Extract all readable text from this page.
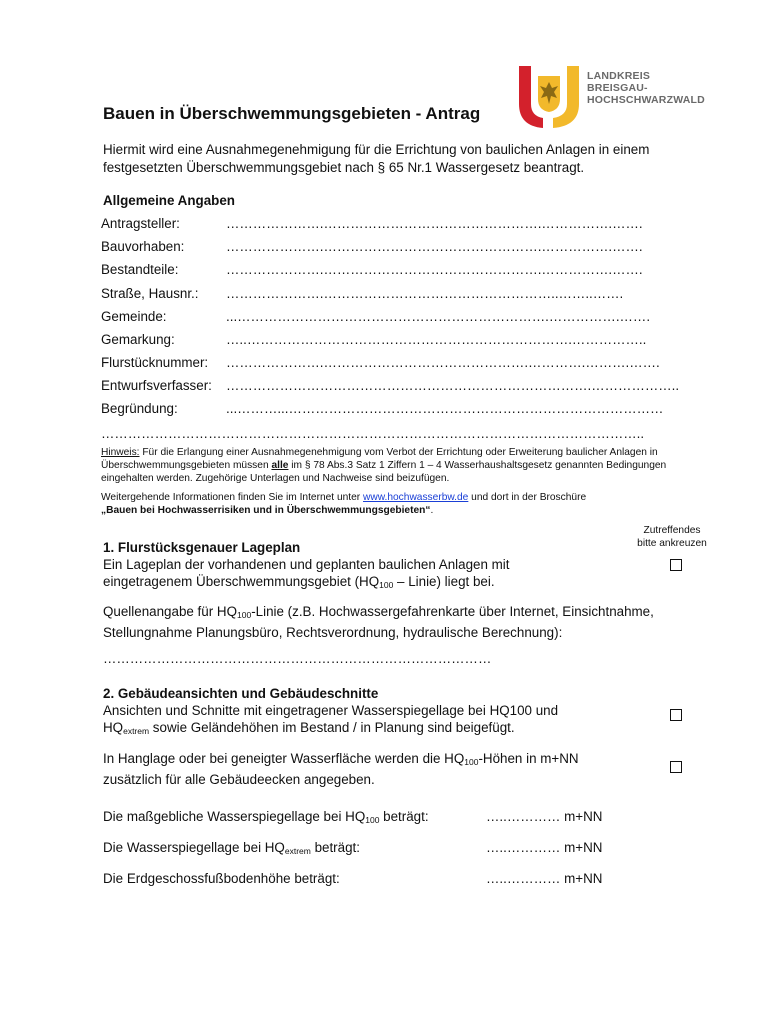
LANDKREIS
BREISGAU-
HOCHSCHWARZWALD
Bauen in Überschwemmungsgebieten - Antrag
Hiermit wird eine Ausnahmegenehmigung für die Errichtung von baulichen Anlagen in einem festgesetzten Überschwemmungsgebiet nach § 65 Nr.1 Wassergesetz beantragt.
Allgemeine Angaben
Antragsteller:	………………….………………………………………….…………….…….
Bauvorhaben:	………………….………………………………………….…………….…….
Bestandteile:	………………….………………………………………….…………….…….
Straße, Hausnr.: ………………….……………………………………………..……..…….
Gemeinde:	...…………………………………………………………….…………….…….
Gemarkung:	…..……………………………………………………………….……………..
Flurstücknummer: ………………….……………………………………….………….……….…….
Entwurfsverfasser: ……………………………………………………………………….………………..
Begründung:	...………...…………………………………………………………………………
…………………………………………………………………………………………………………..
Hinweis: Für die Erlangung einer Ausnahmegenehmigung vom Verbot der Errichtung oder Erweiterung baulicher Anlagen in Überschwemmungsgebieten müssen alle im § 78 Abs.3 Satz 1 Ziffern 1 – 4 Wasserhaushaltsgesetz genannten Bedingungen eingehalten werden. Zugehörige Unterlagen und Nachweise sind beizufügen.
Weitergehende Informationen finden Sie im Internet unter www.hochwasserbw.de und dort in der Broschüre
„Bauen bei Hochwasserrisiken und in Überschwemmungsgebieten“.
Zutreffendes
bitte ankreuzen
1. Flurstücksgenauer Lageplan
Ein Lageplan der vorhandenen und geplanten baulichen Anlagen mit eingetragenem Überschwemmungsgebiet ($HQ_{100}$ – Linie) liegt bei.
Quellenangabe für $HQ_{100}$-Linie (z.B. Hochwassergefahrenkarte über Internet, Einsichtnahme, Stellungnahme Planungsbüro, Rechtsverordnung, hydraulische Berechnung):
……………………………………………………………………………
2. Gebäudeansichten und Gebäudeschnitte
Ansichten und Schnitte mit eingetragener Wasserspiegellage bei HQ100 und $HQ_{extrem}$ sowie Geländehöhen im Bestand / in Planung sind beigefügt.
In Hanglage oder bei geneigter Wasserfläche werden die $HQ_{100}$-Höhen in m+NN zusätzlich für alle Gebäudeecken angegeben.
Die maßgebliche Wasserspiegellage bei $HQ_{100}$ beträgt:	…..………… m+NN
Die Wasserspiegellage bei $HQ_{extrem}$ beträgt:	…..………… m+NN
Die Erdgeschossfußbodenhöhe beträgt:	…..………… m+NN
